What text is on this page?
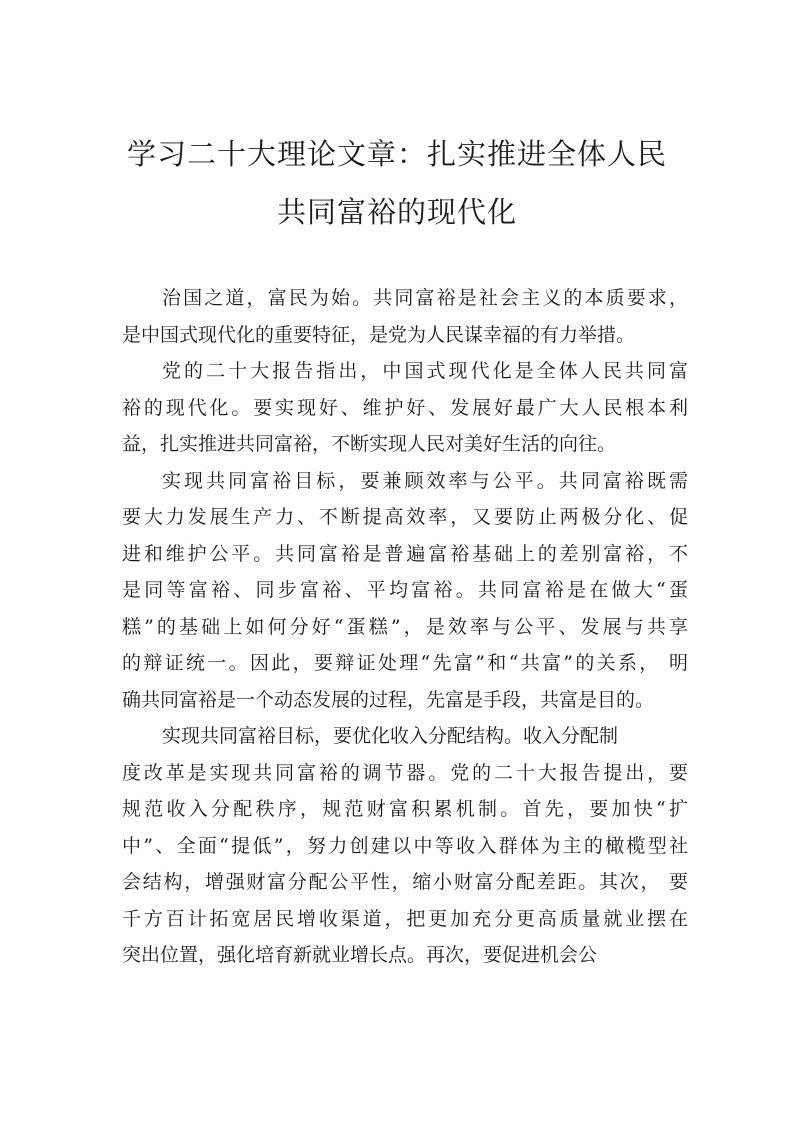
学习二十大理论文章：扎实推进全体人民
共同富裕的现代化
治国之道，富民为始。共同富裕是社会主义的本质要求，
是中国式现代化的重要特征，是党为人民谋幸福的有力举措。
党的二十大报告指出，中国式现代化是全体人民共同富
裕的现代化。要实现好、维护好、发展好最广大人民根本利
益，扎实推进共同富裕，不断实现人民对美好生活的向往。
实现共同富裕目标，要兼顾效率与公平。共同富裕既需
要大力发展生产力、不断提高效率，又要防止两极分化、促
进和维护公平。共同富裕是普遍富裕基础上的差别富裕，不
是同等富裕、同步富裕、平均富裕。共同富裕是在做大“蛋
糕”的基础上如何分好“蛋糕”，是效率与公平、发展与共享
的辩证统一。因此，要辩证处理“先富”和“共富”的关系， 明
确共同富裕是一个动态发展的过程，先富是手段，共富是目的。
实现共同富裕目标，要优化收入分配结构。收入分配制
度改革是实现共同富裕的调节器。党的二十大报告提出，要
规范收入分配秩序，规范财富积累机制。首先，要加快“扩
中”、全面“提低”，努力创建以中等收入群体为主的橄榄型社
会结构，增强财富分配公平性，缩小财富分配差距。其次， 要
千方百计拓宽居民增收渠道，把更加充分更高质量就业摆在
突出位置，强化培育新就业增长点。再次，要促进机会公
